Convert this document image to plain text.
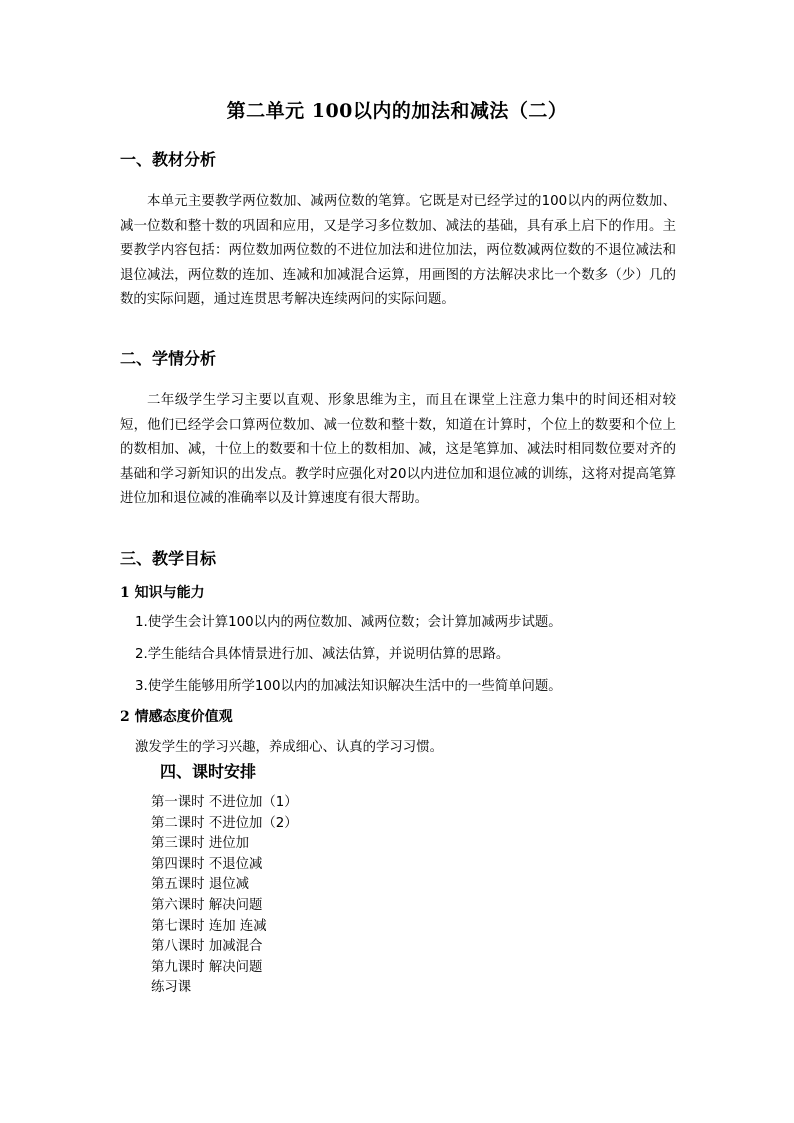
第二单元 100以内的加法和减法（二）
一、教材分析

本单元主要教学两位数加、减两位数的笔算。它既是对已经学过的100以内的两位数加、减一位数和整十数的巩固和应用，又是学习多位数加、减法的基础，具有承上启下的作用。主要教学内容包括：两位数加两位数的不进位加法和进位加法，两位数减两位数的不退位减法和退位减法，两位数的连加、连减和加减混合运算，用画图的方法解决求比一个数多（少）几的数的实际问题，通过连贯思考解决连续两问的实际问题。

二、学情分析

二年级学生学习主要以直观、形象思维为主，而且在课堂上注意力集中的时间还相对较短，他们已经学会口算两位数加、减一位数和整十数，知道在计算时，个位上的数要和个位上的数相加、减，十位上的数要和十位上的数相加、减，这是笔算加、减法时相同数位要对齐的基础和学习新知识的出发点。教学时应强化对20以内进位加和退位减的训练，这将对提高笔算进位加和退位减的准确率以及计算速度有很大帮助。

三、教学目标
1 知识与能力

1.使学生会计算100以内的两位数加、减两位数；会计算加减两步试题。

2.学生能结合具体情景进行加、减法估算，并说明估算的思路。

3.使学生能够用所学100以内的加减法知识解决生活中的一些简单问题。

2 情感态度价值观

激发学生的学习兴趣，养成细心、认真的学习习惯。

四、课时安排
第一课时 不进位加（1）
第二课时 不进位加（2）
第三课时 进位加
第四课时 不退位减
第五课时 退位减
第六课时 解决问题
第七课时 连加 连减
第八课时 加减混合
第九课时 解决问题
练习课
